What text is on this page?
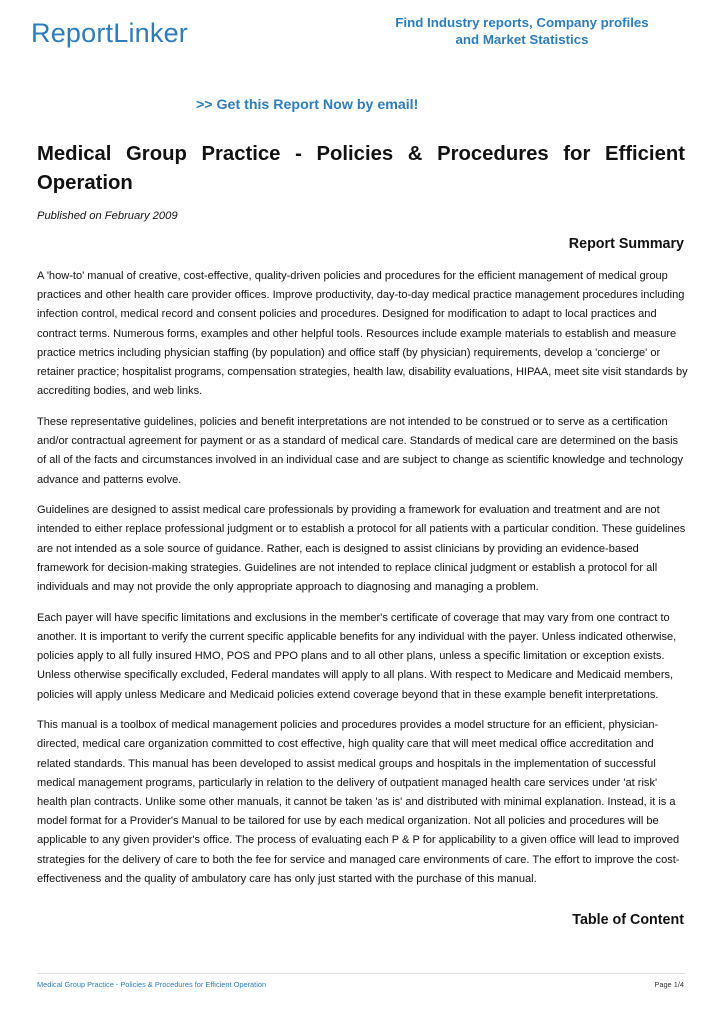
ReportLinker	Find Industry reports, Company profiles
and Market Statistics
>> Get this Report Now by email!
Medical Group Practice - Policies & Procedures for Efficient Operation
Published on February 2009
Report Summary

A 'how-to' manual of creative, cost-effective, quality-driven policies and procedures for the efficient management of medical group practices and other health care provider offices. Improve productivity, day-to-day medical practice management procedures including infection control, medical record and consent policies and procedures. Designed for modification to adapt to local practices and contract terms. Numerous forms, examples and other helpful tools. Resources include example materials to establish and measure practice metrics including physician staffing (by population) and office staff (by physician) requirements, develop a 'concierge' or retainer practice; hospitalist programs, compensation strategies, health law, disability evaluations, HIPAA, meet site visit standards by accrediting bodies, and web links.

These representative guidelines, policies and benefit interpretations are not intended to be construed or to serve as a certification and/or contractual agreement for payment or as a standard of medical care. Standards of medical care are determined on the basis of all of the facts and circumstances involved in an individual case and are subject to change as scientific knowledge and technology advance and patterns evolve.

Guidelines are designed to assist medical care professionals by providing a framework for evaluation and treatment and are not intended to either replace professional judgment or to establish a protocol for all patients with a particular condition. These guidelines are not intended as a sole source of guidance. Rather, each is designed to assist clinicians by providing an evidence-based framework for decision-making strategies. Guidelines are not intended to replace clinical judgment or establish a protocol for all individuals and may not provide the only appropriate approach to diagnosing and managing a problem.

Each payer will have specific limitations and exclusions in the member's certificate of coverage that may vary from one contract to another. It is important to verify the current specific applicable benefits for any individual with the payer. Unless indicated otherwise, policies apply to all fully insured HMO, POS and PPO plans and to all other plans, unless a specific limitation or exception exists. Unless otherwise specifically excluded, Federal mandates will apply to all plans. With respect to Medicare and Medicaid members, policies will apply unless Medicare and Medicaid policies extend coverage beyond that in these example benefit interpretations.

This manual is a toolbox of medical management policies and procedures provides a model structure for an efficient, physician-directed, medical care organization committed to cost effective, high quality care that will meet medical office accreditation and related standards. This manual has been developed to assist medical groups and hospitals in the implementation of successful medical management programs, particularly in relation to the delivery of outpatient managed health care services under 'at risk' health plan contracts. Unlike some other manuals, it cannot be taken 'as is' and distributed with minimal explanation. Instead, it is a model format for a Provider's Manual to be tailored for use by each medical organization. Not all policies and procedures will be applicable to any given provider's office. The process of evaluating each P & P for applicability to a given office will lead to improved strategies for the delivery of care to both the fee for service and managed care environments of care. The effort to improve the cost-effectiveness and the quality of ambulatory care has only just started with the purchase of this manual.

Table of Content
Medical Group Practice - Policies & Procedures for Efficient Operation	Page 1/4
